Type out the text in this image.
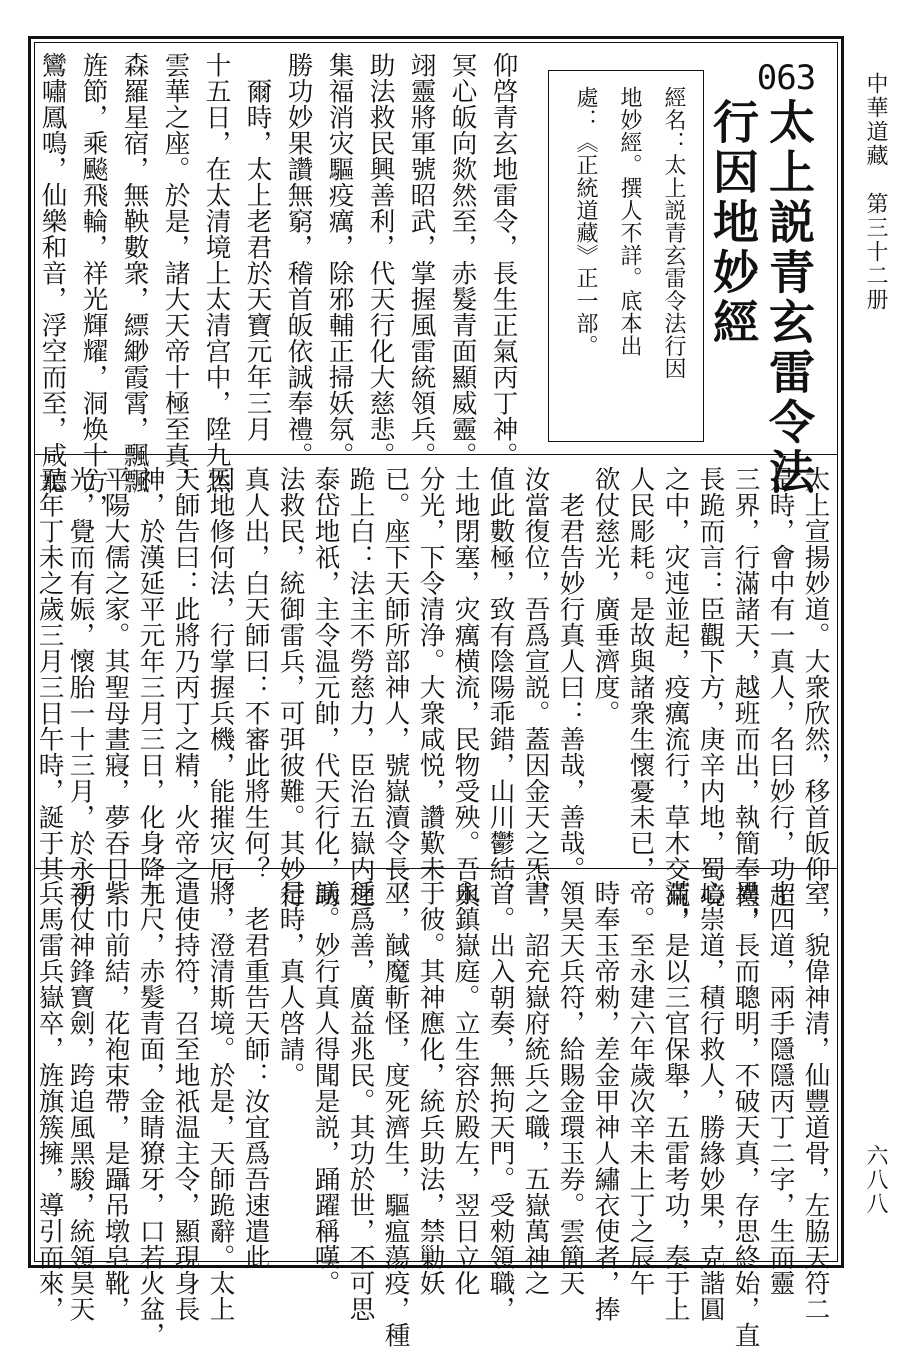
中華道藏　第三十二册
六八八
063
太上説青玄雷令法
行因地妙經
經名：太上説青玄雷令法行因
地妙經。撰人不詳。底本出
處：《正統道藏》正一部。
仰啓青玄地雷令，長生正氣丙丁神。
冥心皈向欻然至，赤髮青面顯威靈。
翊靈將軍號昭武，掌握風雷統領兵。
助法救民興善利，代天行化大慈悲。
集福消灾驅疫癘，除邪輔正掃妖氛。
勝功妙果讚無窮，稽首皈依誠奉禮。
　爾時，太上老君於天寶元年三月
十五日，在太清境上太清宫中，陞九炁
雲華之座。於是，諸大天帝十極至真，
森羅星宿，無鞅數衆，縹緲霞霄，飄飄
旌節，乘飈飛輪，祥光輝耀，洞焕十方，
鸞嘯鳳鳴，仙樂和音，浮空而至，咸聽
太上宣揚妙道。大衆欣然，移首皈仰。
是時，會中有一真人，名曰妙行，功超
三界，行滿諸天，越班而出，執簡奉禮，
長跪而言：臣觀下方，庚辛内地，蜀境
之中，灾迍並起，疫癘流行，草木交荒，
人民彫耗。是故與諸衆生懷憂未已，
欲仗慈光，廣垂濟度。
　老君告妙行真人曰：善哉，善哉。
汝當復位，吾爲宣説。蓋因金天之炁，
值此數極，致有陰陽乖錯，山川鬱結，
土地閉塞，灾癘横流，民物受殃。吾與
分光，下令清浄。大衆咸悦，讚歎未
已。座下天師所部神人，號嶽瀆令長，
跪上白：法主不勞慈力，臣治五嶽内之
泰岱地祇，主令温元帥，代天行化，助
法救民，統御雷兵，可弭彼難。其妙行
真人出，白天師曰：不審此將生何？
因地修何法，行掌握兵機，能摧灾厄。
天師告曰：此將乃丙丁之精，火帝之
神，於漢延平元年三月三日，化身降于
平陽大儒之家。其聖母晝寢，夢吞日
光，覺而有娠，懷胎一十三月，於永初
元年丁未之歲三月三日午時，誕于其
室，貌偉神清，仙豐道骨，左脇天符二
十四道，兩手隱隱丙丁二字，生而靈
異，長而聰明，不破天真，存思終始，直
心崇道，積行救人，勝緣妙果，克諧圓
滿，是以三官保舉，五雷考功，奏于上
帝。至永建六年歲次辛未上丁之辰午
時奉玉帝勑，差金甲神人繡衣使者，捧
領昊天兵符，給賜金環玉券。雲簡天
書，詔充嶽府統兵之職，五嶽萬神之
首。出入朝奏，無拘天門。受勑領職，
永鎮嶽庭。立生容於殿左，翌日立化
于彼。其神應化，統兵助法，禁勦妖
巫，馘魔斬怪，度死濟生，驅瘟蕩疫，種
種爲善，廣益兆民。其功於世，不可思
議。妙行真人得聞是説，踊躍稱嘆。
是時，真人啓請。
　老君重告天師：汝宜爲吾速遣此
將，澄清斯境。於是，天師跪辭。太上
遣使持符，召至地祇温主令，顯現身長
九尺，赤髮青面，金睛獠牙，口若火盆，
紫巾前結，花袍束帶，是躡吊墩皂靴，
手仗神鋒寶劍，跨追風黑駿，統領昊天
兵馬雷兵嶽卒，旌旗簇擁，導引而來，
